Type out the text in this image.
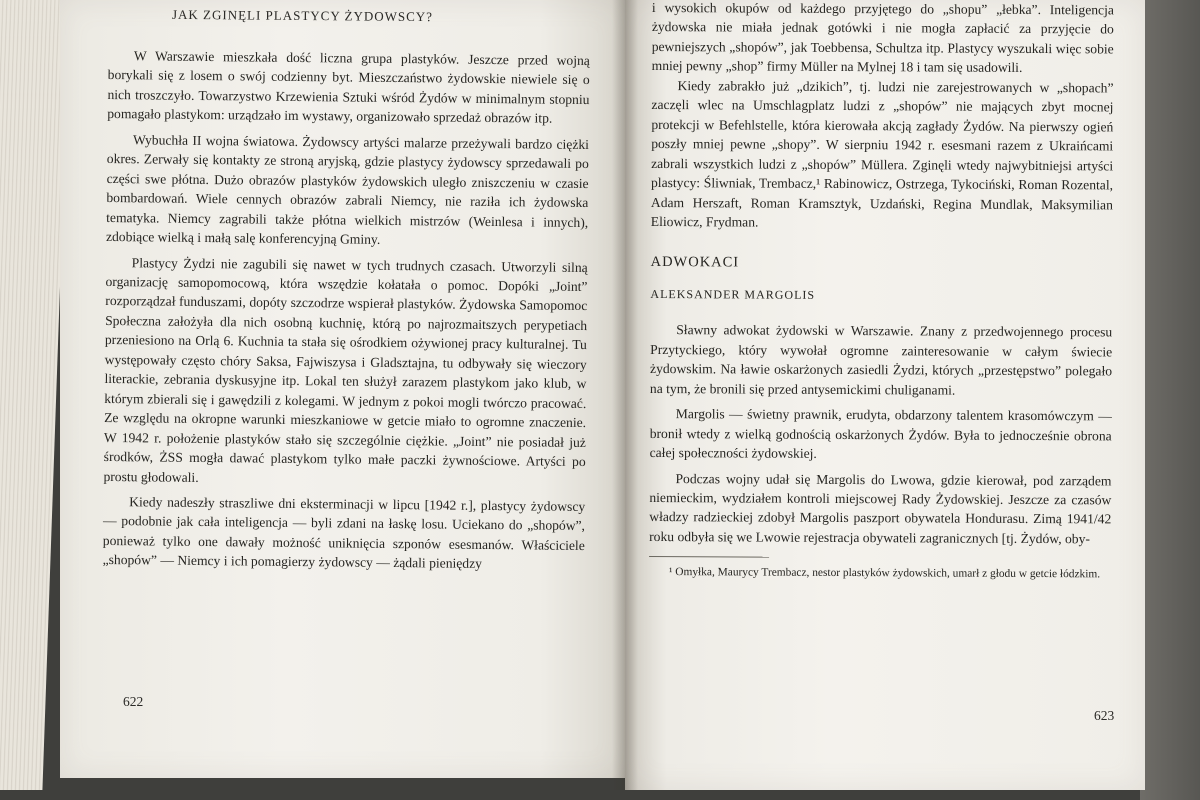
JAK ZGINĘLI PLASTYCY ŻYDOWSCY?

W Warszawie mieszkała dość liczna grupa plastyków. Jeszcze przed wojną borykali się z losem o swój codzienny byt. Mieszczaństwo żydowskie niewiele się o nich troszczyło. Towarzystwo Krzewienia Sztuki wśród Żydów w minimalnym stopniu pomagało plastykom: urządzało im wystawy, organizowało sprzedaż obrazów itp.

Wybuchła II wojna światowa. Żydowscy artyści malarze przeżywali bardzo ciężki okres. Zerwały się kontakty ze stroną aryjską, gdzie plastycy żydowscy sprzedawali po części swe płótna. Dużo obrazów plastyków żydowskich uległo zniszczeniu w czasie bombardowań. Wiele cennych obrazów zabrali Niemcy, nie raziła ich żydowska tematyka. Niemcy zagrabili także płótna wielkich mistrzów (Weinlesa i innych), zdobiące wielką i małą salę konferencyjną Gminy.

Plastycy Żydzi nie zagubili się nawet w tych trudnych czasach. Utworzyli silną organizację samopomocową, która wszędzie kołatała o pomoc. Dopóki „Joint” rozporządzał funduszami, dopóty szczodrze wspierał plastyków. Żydowska Samopomoc Społeczna założyła dla nich osobną kuchnię, którą po najrozmaitszych perypetiach przeniesiono na Orlą 6. Kuchnia ta stała się ośrodkiem ożywionej pracy kulturalnej. Tu występowały często chóry Saksa, Fajwiszysa i Gladsztajna, tu odbywały się wieczory literackie, zebrania dyskusyjne itp. Lokal ten służył zarazem plastykom jako klub, w którym zbierali się i gawędzili z kolegami. W jednym z pokoi mogli twórczo pracować. Ze względu na okropne warunki mieszkaniowe w getcie miało to ogromne znaczenie. W 1942 r. położenie plastyków stało się szczególnie ciężkie. „Joint” nie posiadał już środków, ŻSS mogła dawać plastykom tylko małe paczki żywnościowe. Artyści po prostu głodowali.

Kiedy nadeszły straszliwe dni eksterminacji w lipcu [1942 r.], plastycy żydowscy — podobnie jak cała inteligencja — byli zdani na łaskę losu. Uciekano do „shopów”, ponieważ tylko one dawały możność uniknięcia szponów esesmanów. Właściciele „shopów” — Niemcy i ich pomagierzy żydowscy — żądali pieniędzy

622

i wysokich okupów od każdego przyjętego do „shopu” „łebka”. Inteligencja żydowska nie miała jednak gotówki i nie mogła zapłacić za przyjęcie do pewniejszych „shopów”, jak Toebbensa, Schultza itp. Plastycy wyszukali więc sobie mniej pewny „shop” firmy Müller na Mylnej 18 i tam się usadowili.

Kiedy zabrakło już „dzikich”, tj. ludzi nie zarejestrowanych w „shopach” zaczęli wlec na Umschlagplatz ludzi z „shopów” nie mających zbyt mocnej protekcji w Befehlstelle, która kierowała akcją zagłady Żydów. Na pierwszy ogień poszły mniej pewne „shopy”. W sierpniu 1942 r. esesmani razem z Ukraińcami zabrali wszystkich ludzi z „shopów” Müllera. Zginęli wtedy najwybitniejsi artyści plastycy: Śliwniak, Trembacz,¹ Rabinowicz, Ostrzega, Tykociński, Roman Rozental, Adam Herszaft, Roman Kramsztyk, Uzdański, Regina Mundlak, Maksymilian Eliowicz, Frydman.

ADWOKACI
ALEKSANDER MARGOLIS

Sławny adwokat żydowski w Warszawie. Znany z przedwojennego procesu Przytyckiego, który wywołał ogromne zainteresowanie w całym świecie żydowskim. Na ławie oskarżonych zasiedli Żydzi, których „przestępstwo” polegało na tym, że bronili się przed antysemickimi chuliganami.

Margolis — świetny prawnik, erudyta, obdarzony talentem krasomówczym — bronił wtedy z wielką godnością oskarżonych Żydów. Była to jednocześnie obrona całej społeczności żydowskiej.

Podczas wojny udał się Margolis do Lwowa, gdzie kierował, pod zarządem niemieckim, wydziałem kontroli miejscowej Rady Żydowskiej. Jeszcze za czasów władzy radzieckiej zdobył Margolis paszport obywatela Hondurasu. Zimą 1941/42 roku odbyła się we Lwowie rejestracja obywateli zagranicznych [tj. Żydów, oby-

¹ Omyłka, Maurycy Trembacz, nestor plastyków żydowskich, umarł z głodu w getcie łódzkim.

623
